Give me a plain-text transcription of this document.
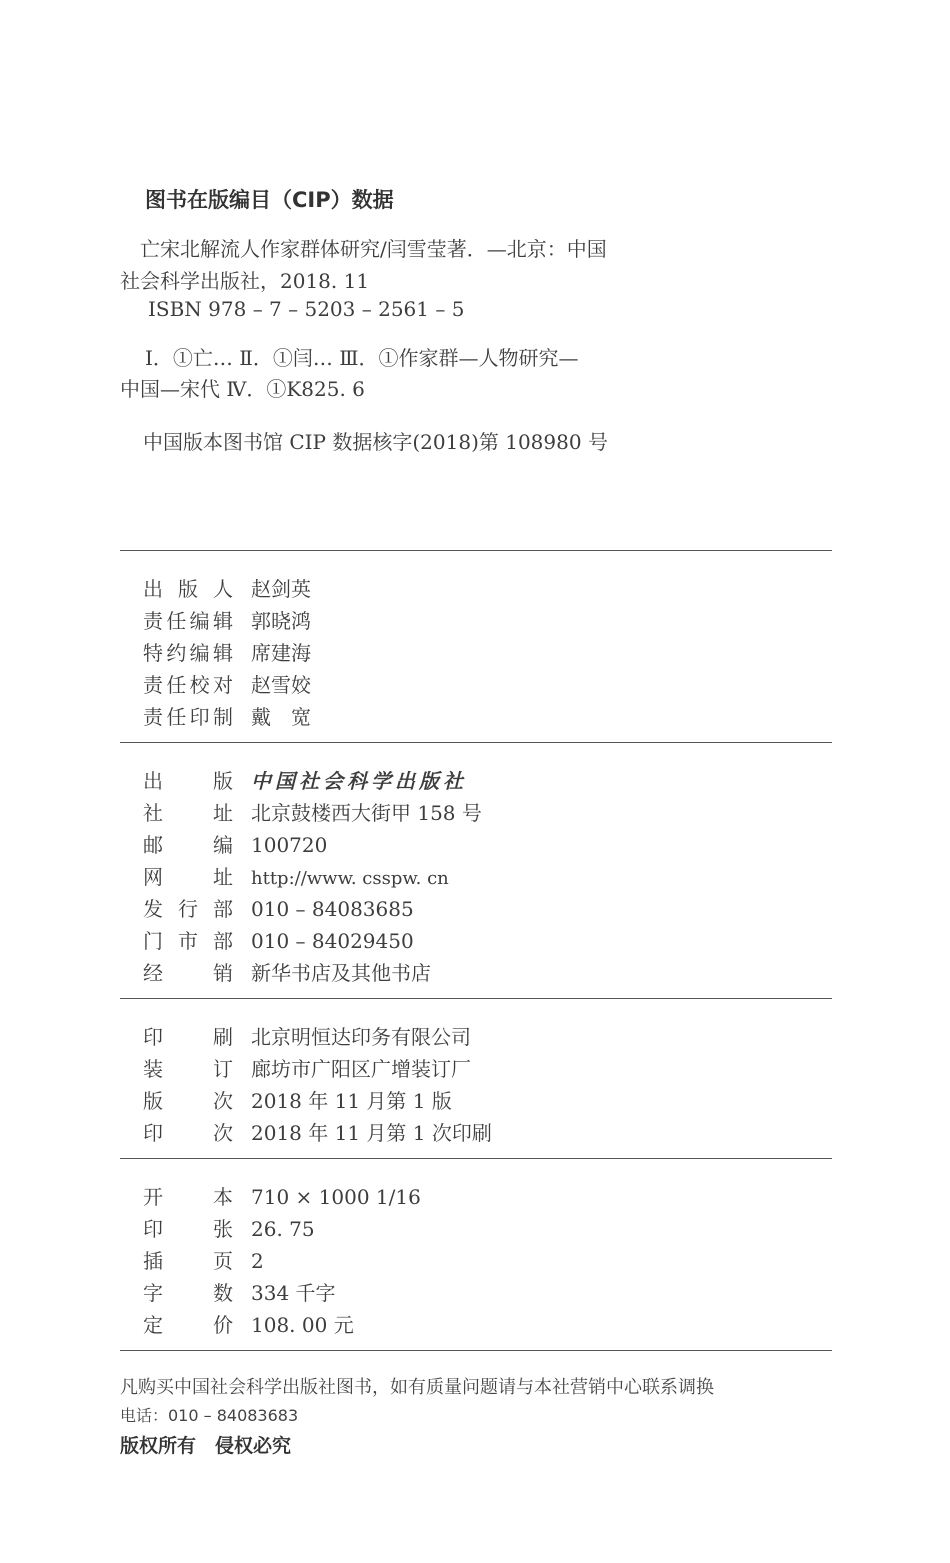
图书在版编目（CIP）数据
亡宋北解流人作家群体研究/闫雪莹著．—北京：中国
社会科学出版社，2018. 11
ISBN 978 – 7 – 5203 – 2561 – 5
Ⅰ．①亡… Ⅱ．①闫… Ⅲ．①作家群—人物研究—
中国—宋代 Ⅳ．①K825. 6
中国版本图书馆 CIP 数据核字(2018)第 108980 号
出版人 赵剑英
责任编辑 郭晓鸿
特约编辑 席建海
责任校对 赵雪姣
责任印制 戴　宽
出版 中国社会科学出版社
社址 北京鼓楼西大街甲 158 号
邮编 100720
网址 http://www. csspw. cn
发行部 010 – 84083685
门市部 010 – 84029450
经销 新华书店及其他书店
印刷 北京明恒达印务有限公司
装订 廊坊市广阳区广增装订厂
版次 2018 年 11 月第 1 版
印次 2018 年 11 月第 1 次印刷
开本 710 × 1000 1/16
印张 26. 75
插页 2
字数 334 千字
定价 108. 00 元
凡购买中国社会科学出版社图书，如有质量问题请与本社营销中心联系调换
电话：010 – 84083683
版权所有　侵权必究
